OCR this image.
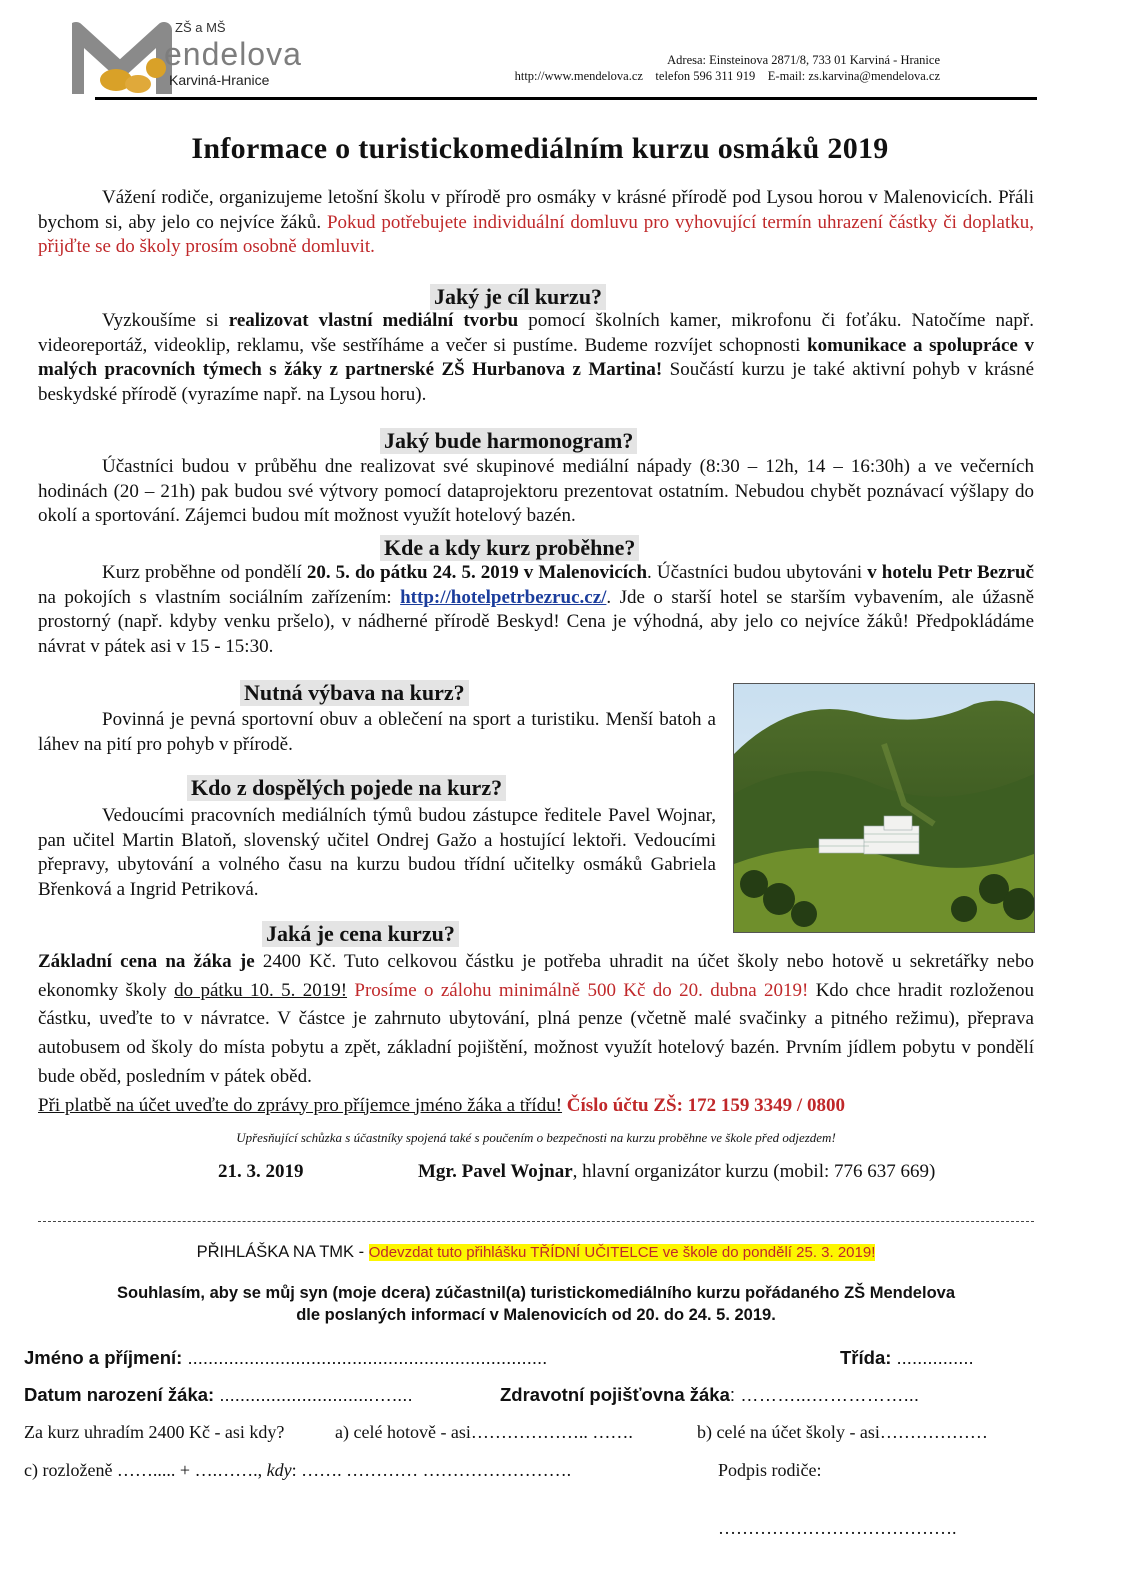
ZŠ a MŠ
endelova
Karviná-Hranice
Adresa: Einsteinova 2871/8, 733 01 Karviná - Hranice
http://www.mendelova.cz    telefon 596 311 919    E-mail: zs.karvina@mendelova.cz
Informace o turistickomediálním kurzu osmáků 2019

Vážení rodiče, organizujeme letošní školu v přírodě pro osmáky v krásné přírodě pod Lysou horou v Malenovicích. Přáli bychom si, aby jelo co nejvíce žáků. Pokud potřebujete individuální domluvu pro vyhovující termín uhrazení částky či doplatku, přijďte se do školy prosím osobně domluvit.

Jaký je cíl kurzu?

Vyzkoušíme si realizovat vlastní mediální tvorbu pomocí školních kamer, mikrofonu či foťáku. Natočíme např. videoreportáž, videoklip, reklamu, vše sestříháme a večer si pustíme. Budeme rozvíjet schopnosti komunikace a spolupráce v malých pracovních týmech s žáky z partnerské ZŠ Hurbanova z Martina! Součástí kurzu je také aktivní pohyb v krásné beskydské přírodě (vyrazíme např. na Lysou horu).

Jaký bude harmonogram?

Účastníci budou v průběhu dne realizovat své skupinové mediální nápady (8:30 – 12h, 14 – 16:30h) a ve večerních hodinách (20 – 21h) pak budou své výtvory pomocí dataprojektoru prezentovat ostatním. Nebudou chybět poznávací výšlapy do okolí a sportování. Zájemci budou mít možnost využít hotelový bazén.

Kde a kdy kurz proběhne?

Kurz proběhne od pondělí 20. 5. do pátku 24. 5. 2019 v Malenovicích. Účastníci budou ubytováni v hotelu Petr Bezruč na pokojích s vlastním sociálním zařízením: http://hotelpetrbezruc.cz/. Jde o starší hotel se starším vybavením, ale úžasně prostorný (např. kdyby venku pršelo), v nádherné přírodě Beskyd! Cena je výhodná, aby jelo co nejvíce žáků! Předpokládáme návrat v pátek asi v 15 - 15:30.

Nutná výbava na kurz?

Povinná je pevná sportovní obuv a oblečení na sport a turistiku. Menší batoh a láhev na pití pro pohyb v přírodě.

Kdo z dospělých pojede na kurz?

Vedoucími pracovních mediálních týmů budou zástupce ředitele Pavel Wojnar, pan učitel Martin Blatoň, slovenský učitel Ondrej Gažo a hostující lektoři. Vedoucími přepravy, ubytování a volného času na kurzu budou třídní učitelky osmáků Gabriela Břenková a Ingrid Petriková.

Jaká je cena kurzu?

Základní cena na žáka je 2400 Kč. Tuto celkovou částku je potřeba uhradit na účet školy nebo hotově u sekretářky nebo ekonomky školy do pátku 10. 5. 2019! Prosíme o zálohu minimálně 500 Kč do 20. dubna 2019! Kdo chce hradit rozloženou částku, uveďte to v návratce. V částce je zahrnuto ubytování, plná penze (včetně malé svačinky a pitného režimu), přeprava autobusem od školy do místa pobytu a zpět, základní pojištění, možnost využít hotelový bazén. Prvním jídlem pobytu v pondělí bude oběd, posledním v pátek oběd.
Při platbě na účet uveďte do zprávy pro příjemce jméno žáka a třídu! Číslo účtu ZŠ: 172 159 3349 / 0800

Upřesňující schůzka s účastníky spojená také s poučením o bezpečnosti na kurzu proběhne ve škole před odjezdem!
21. 3. 2019	Mgr. Pavel Wojnar, hlavní organizátor kurzu (mobil: 776 637 669)
PŘIHLÁŠKA NA TMK - Odevzdat tuto přihlášku TŘÍDNÍ UČITELCE ve škole do pondělí 25. 3. 2019!
Souhlasím, aby se můj syn (moje dcera) zúčastnil(a) turistickomediálního kurzu pořádaného ZŠ Mendelova
dle poslaných informací v Malenovicích od 20. do 24. 5. 2019.
Jméno a příjmení: ......................................................................	Třída: ...............
Datum narození žáka: ..............................…....	Zdravotní pojišťovna žáka: ………...……………...
Za kurz uhradím 2400 Kč - asi kdy?	a) celé hotově - asi……………….. …….	b) celé na účet školy - asi………………
c) rozloženě ……..... + ….……., kdy: ……. ………… …………………….	Podpis rodiče:
………………………………….
